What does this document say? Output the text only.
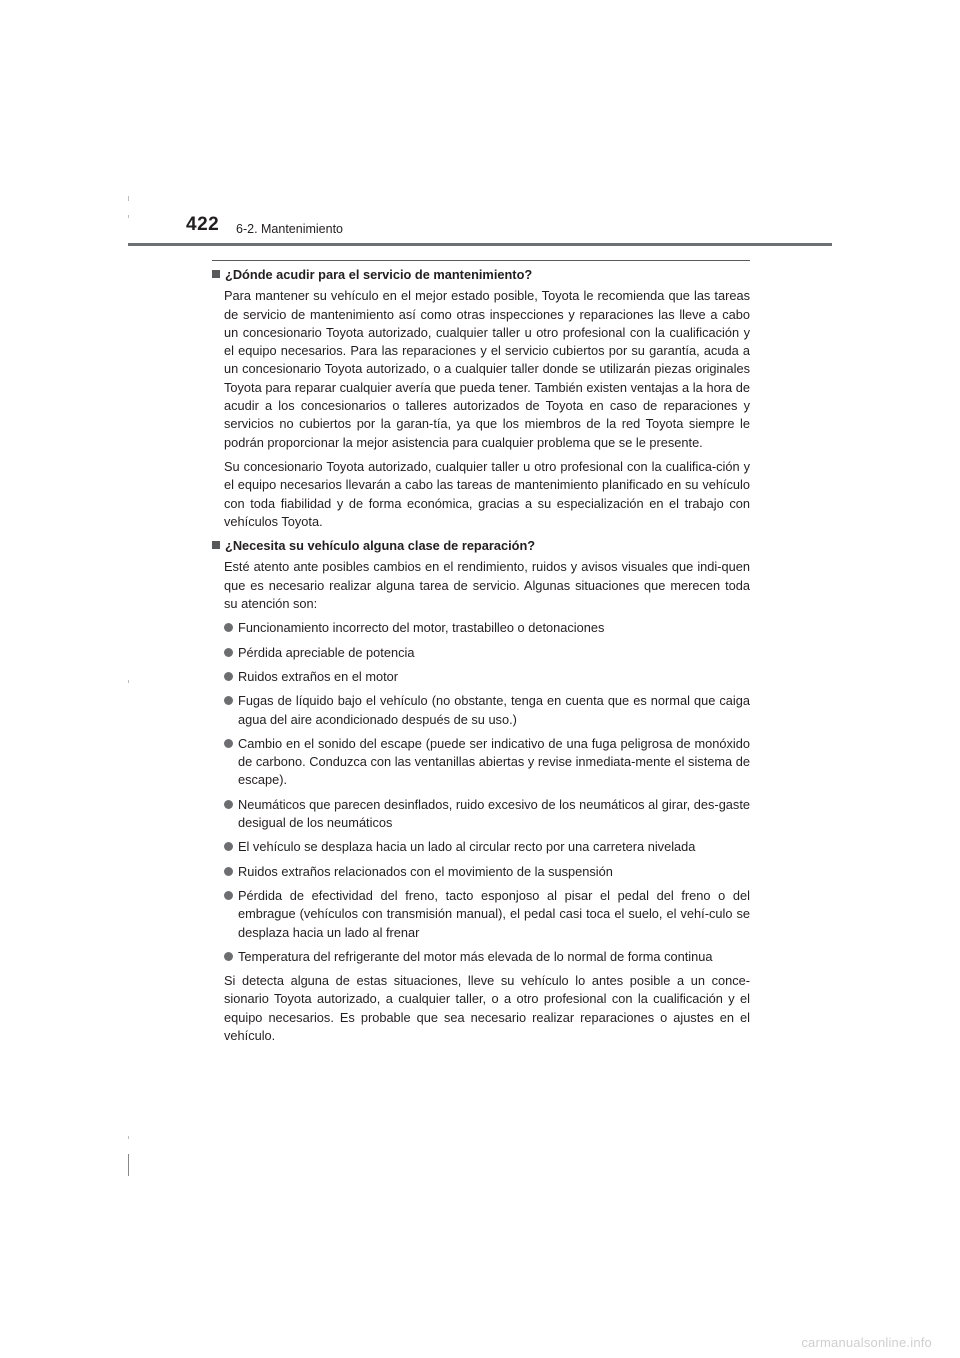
422 6-2. Mantenimiento
¿Dónde acudir para el servicio de mantenimiento?

Para mantener su vehículo en el mejor estado posible, Toyota le recomienda que las tareas de servicio de mantenimiento así como otras inspecciones y reparaciones las lleve a cabo un concesionario Toyota autorizado, cualquier taller u otro profesional con la cualificación y el equipo necesarios. Para las reparaciones y el servicio cubiertos por su garantía, acuda a un concesionario Toyota autorizado, o a cualquier taller donde se utilizarán piezas originales Toyota para reparar cualquier avería que pueda tener. También existen ventajas a la hora de acudir a los concesionarios o talleres autorizados de Toyota en caso de reparaciones y servicios no cubiertos por la garan-tía, ya que los miembros de la red Toyota siempre le podrán proporcionar la mejor asistencia para cualquier problema que se le presente.

Su concesionario Toyota autorizado, cualquier taller u otro profesional con la cualifica-ción y el equipo necesarios llevarán a cabo las tareas de mantenimiento planificado en su vehículo con toda fiabilidad y de forma económica, gracias a su especialización en el trabajo con vehículos Toyota.

¿Necesita su vehículo alguna clase de reparación?

Esté atento ante posibles cambios en el rendimiento, ruidos y avisos visuales que indi-quen que es necesario realizar alguna tarea de servicio. Algunas situaciones que merecen toda su atención son:

Funcionamiento incorrecto del motor, trastabilleo o detonaciones
Pérdida apreciable de potencia
Ruidos extraños en el motor
Fugas de líquido bajo el vehículo (no obstante, tenga en cuenta que es normal que caiga agua del aire acondicionado después de su uso.)
Cambio en el sonido del escape (puede ser indicativo de una fuga peligrosa de monóxido de carbono. Conduzca con las ventanillas abiertas y revise inmediata-mente el sistema de escape).
Neumáticos que parecen desinflados, ruido excesivo de los neumáticos al girar, des-gaste desigual de los neumáticos
El vehículo se desplaza hacia un lado al circular recto por una carretera nivelada
Ruidos extraños relacionados con el movimiento de la suspensión
Pérdida de efectividad del freno, tacto esponjoso al pisar el pedal del freno o del embrague (vehículos con transmisión manual), el pedal casi toca el suelo, el vehí-culo se desplaza hacia un lado al frenar
Temperatura del refrigerante del motor más elevada de lo normal de forma continua

Si detecta alguna de estas situaciones, lleve su vehículo lo antes posible a un conce-sionario Toyota autorizado, a cualquier taller, o a otro profesional con la cualificación y el equipo necesarios. Es probable que sea necesario realizar reparaciones o ajustes en el vehículo.

carmanualsonline.info
